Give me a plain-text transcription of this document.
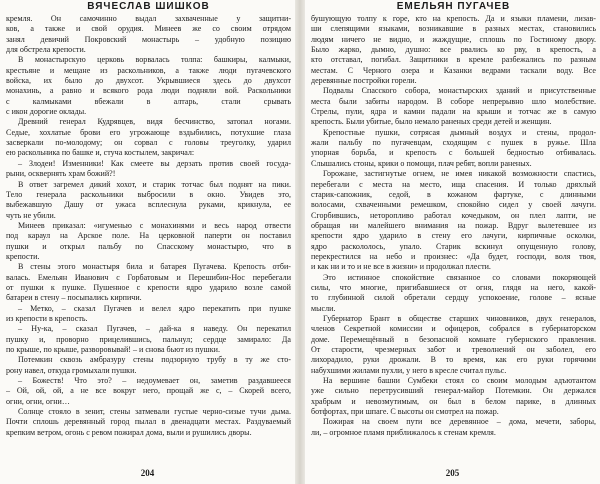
ВЯЧЕСЛАВ ШИШКОВ
кремля. Он самочинно выдал захваченные у защитни-
ков, а также и свой орудия. Минеев же со своим отрядом
занял девичий Покровский монастырь – удобную позицию
для обстрела крепости.
В монастырскую церковь ворвалась толпа: башкиры, калмыки,
крестьяне и мещане из раскольников, а также люди пугачевского
войска, их было до двухсот. Укрывшиеся здесь до двухсот
монахинь, а равно и всякого рода люди подняли вой. Раскольники
с калмыками вбежали в алтарь, стали срывать
с икон дорогие оклады.
Древний генерал Кудрявцев, видя бесчинство, затопал ногами.
Седые, хохлатые брови его угрожающе вздыбились, потухшие глаза
засверкали по-молодому; он сорвал с головы треуголку, ударил
ею раскольника по башке и, стуча костылем, закричал:
– Злодеи! Изменники! Как смеете вы дерзать против своей госуда-
рыни, осквернять храм божий?!
В ответ загремел дикий хохот, и старик тотчас был поднят на пики.
Тело генерала раскольники выбросили в окно. Увидев это,
выбежавшую Дашу от ужаса всплеснула руками, крикнула, ее
чуть не убили.
Минеев приказал: «игуменью с монахинями и весь народ отвести
под караул на Арское поле. На церковной паперти он поставил
пушки и открыл пальбу по Спасскому монастырю, что в
крепости.
В стены этого монастыря била и батарея Пугачева. Крепость отби-
валась. Емельян Иванович с Горбатовым и Перешибин-Нос перебегали
от пушки к пушке. Пушенное с крепости ядро ударило возле самой
батареи в стену – посыпались кирпичи.
– Метко, – сказал Пугачев и велел ядро перекатить при пушке
из крепости в крепость.
– Ну-ка, – сказал Пугачев, – дай-ка я наведу. Он перекатил
пушку и, проворно прицелившись, пальнул; сердце замирало: Да
по крыше, по крыше, разворовывай! – и снова бьют из пушки.
Потемкин сквозь амбразуру стены подзорную трубу в ту же сто-
рону навел, откуда громыхали пушки.
– Божеств! Что это? – недоумевает он, заметив раздавшееся
– Ой, ой, ой, а не все вокруг него, прощай же с, – Скорей всего,
огни, огни, огни…
Солнце стояло в зенит, стены затмевали густые черно-сизые тучи дыма.
Почти сплошь деревянный город пылал в двенадцати местах. Раздуваемый
крепким ветром, огонь с ревом пожирал дома, выли и рушились дворы.
204
ЕМЕЛЬЯН ПУГАЧЕВ
бушующую толпу к горе, кто на крепость. Да и языки пламени, лизав-
ши слепящими языками, возникавшие в разных местах, становились
людям ничего не видно, и жаждущие, сплошь по Гостиному двору.
Было жарко, дымно, душно: все рвались ко рву, в крепость, а
кто отставал, погибал. Защитники в кремле разбежались по разным
местам. С Черного озера и Казанки ведрами таскали воду. Все
деревянные постройки горели.
Подвалы Спасского собора, монастырских зданий и присутственные
места были забиты народом. В соборе непрерывно шло молебствие.
Стрелы, пули, ядра и камни падали на крыши и тотчас же в самую
крепость. Были убитые, было немало раненых среди детей и женщин.
Крепостные пушки, сотрясая дымный воздух и стены, продол-
жали пальбу по пугачевцам, сходящим с пушек в ружье. Шла
упорная борьба, и крепость с большей бедностью отбивалась.
Слышались стоны, крики о помощи, плач ребят, вопли раненых.
Горожане, застигнутые огнем, не имея никакой возможности спастись,
перебегали с места на место, ища спасения. И только дряхлый
старик-сапожник, седой, в кожаном фартуке, с длинными
волосами, схваченными ремешком, спокойно сидел у своей лачуги.
Сгорбившись, неторопливо работал кочедыком, он плел лапти, не
обращая ни малейшего внимания на пожар. Вдруг вылетевшее из
крепости ядро ударило в стену его лачуги, кирпичные осколки,
ядро раскололось, упало. Старик вскинул опущенную голову,
перекрестился на небо и произнес: «Да будет, господи, воля твоя,
и как ни и то и не все в жизни» и продолжал плести.
Это истинное спокойствие связанное со словами покоряющей
силы, что многие, пригибавшиеся от огня, глядя на него, какой-
то глубинной силой обретали сердцу успокоение, голове – ясные
мысли.
Губернатор Брант в обществе старших чиновников, двух генералов,
членов Секретной комиссии и офицеров, собрался в губернаторском
доме. Перемещённый в безопасной комнате губернского правления.
От старости, чрезмерных забот и треволнений он заболел, его
лихорадило, руки дрожали. В то время, как его руки горячими
набухшими жилами пухли, у него в кресле считал пульс.
На вершине башни Сумбеки стоял со своим молодым адъютантом
уже сильно перетрусивший генерал-майор Потемкин. Он держался
храбрым и невозмутимым, он был в белом парике, в длинных
ботфортах, при шпаге. С высоты он смотрел на пожар.
Пожирая на своем пути все деревянное – дома, мечети, заборы,
ли, – огромное пламя приближалось к стенам кремля.
205
